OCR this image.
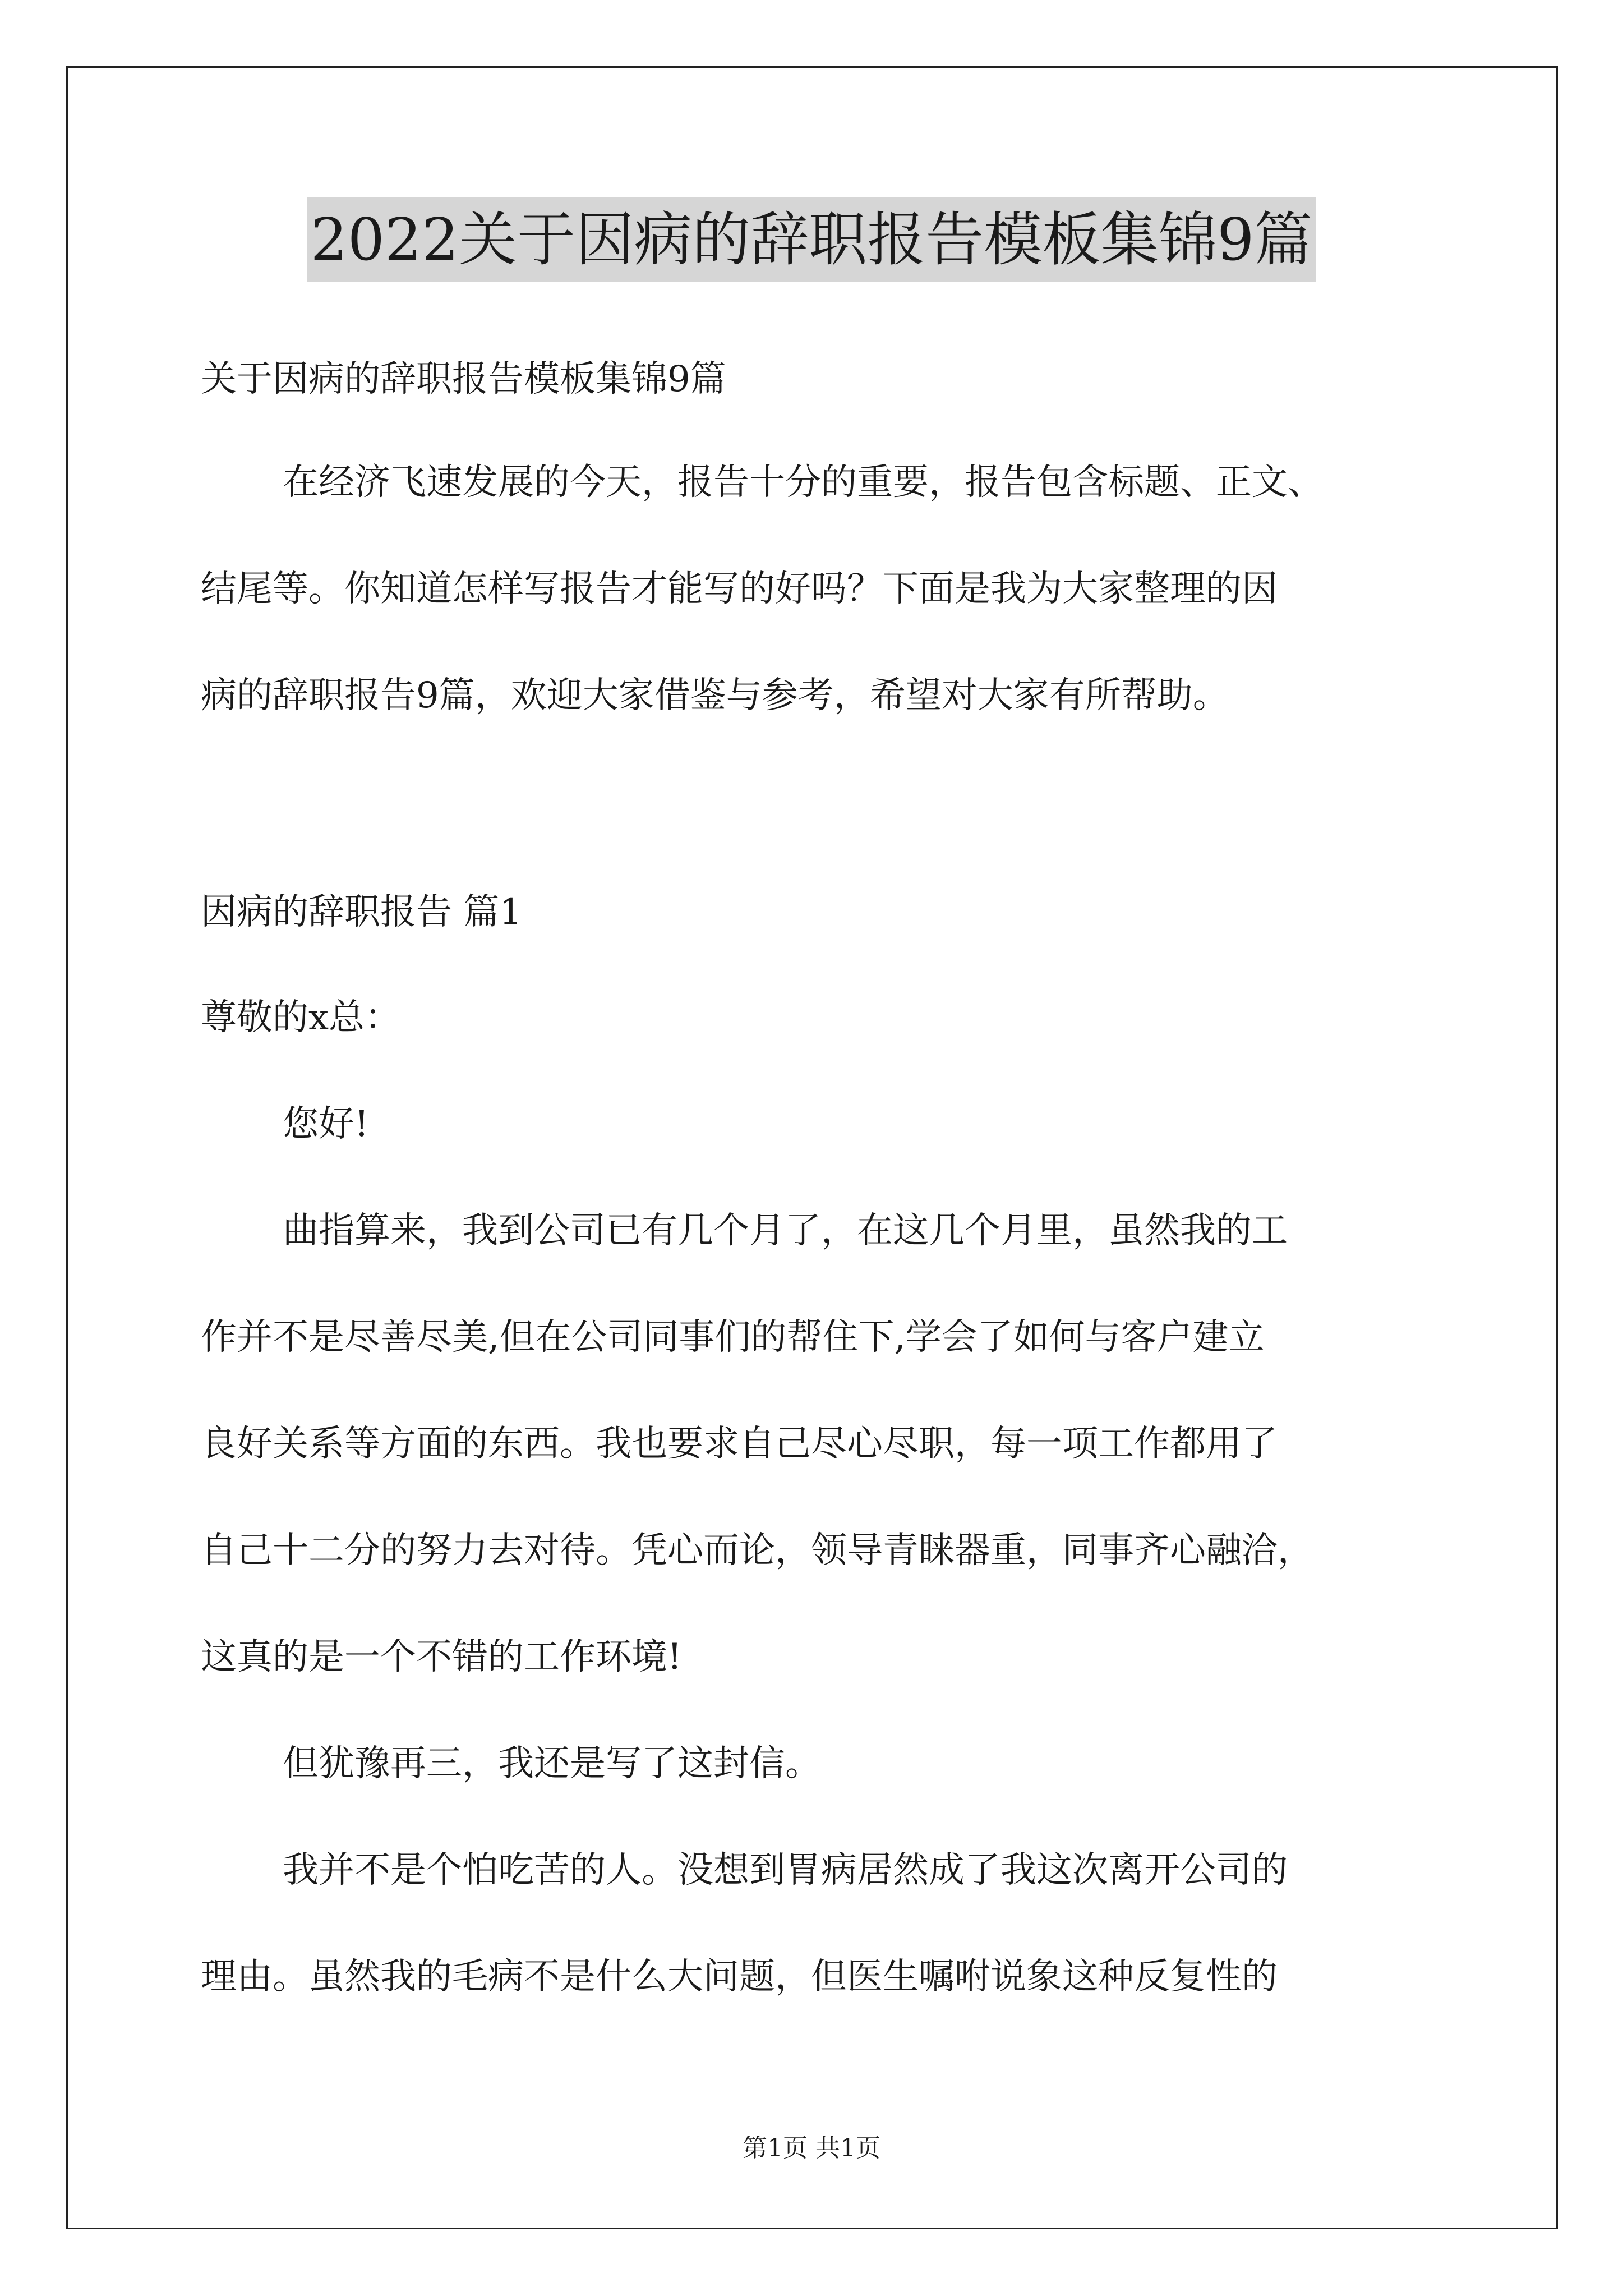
2022关于因病的辞职报告模板集锦9篇
关于因病的辞职报告模板集锦9篇
在经济飞速发展的今天，报告十分的重要，报告包含标题、正文、
结尾等。你知道怎样写报告才能写的好吗？下面是我为大家整理的因
病的辞职报告9篇，欢迎大家借鉴与参考，希望对大家有所帮助。
因病的辞职报告 篇1
尊敬的x总：
您好!
曲指算来，我到公司已有几个月了，在这几个月里，虽然我的工
作并不是尽善尽美,但在公司同事们的帮住下,学会了如何与客户建立
良好关系等方面的东西。我也要求自己尽心尽职，每一项工作都用了
自己十二分的努力去对待。凭心而论，领导青睐器重，同事齐心融洽，
这真的是一个不错的工作环境!
但犹豫再三，我还是写了这封信。
我并不是个怕吃苦的人。没想到胃病居然成了我这次离开公司的
理由。虽然我的毛病不是什么大问题，但医生嘱咐说象这种反复性的
第1页 共1页
